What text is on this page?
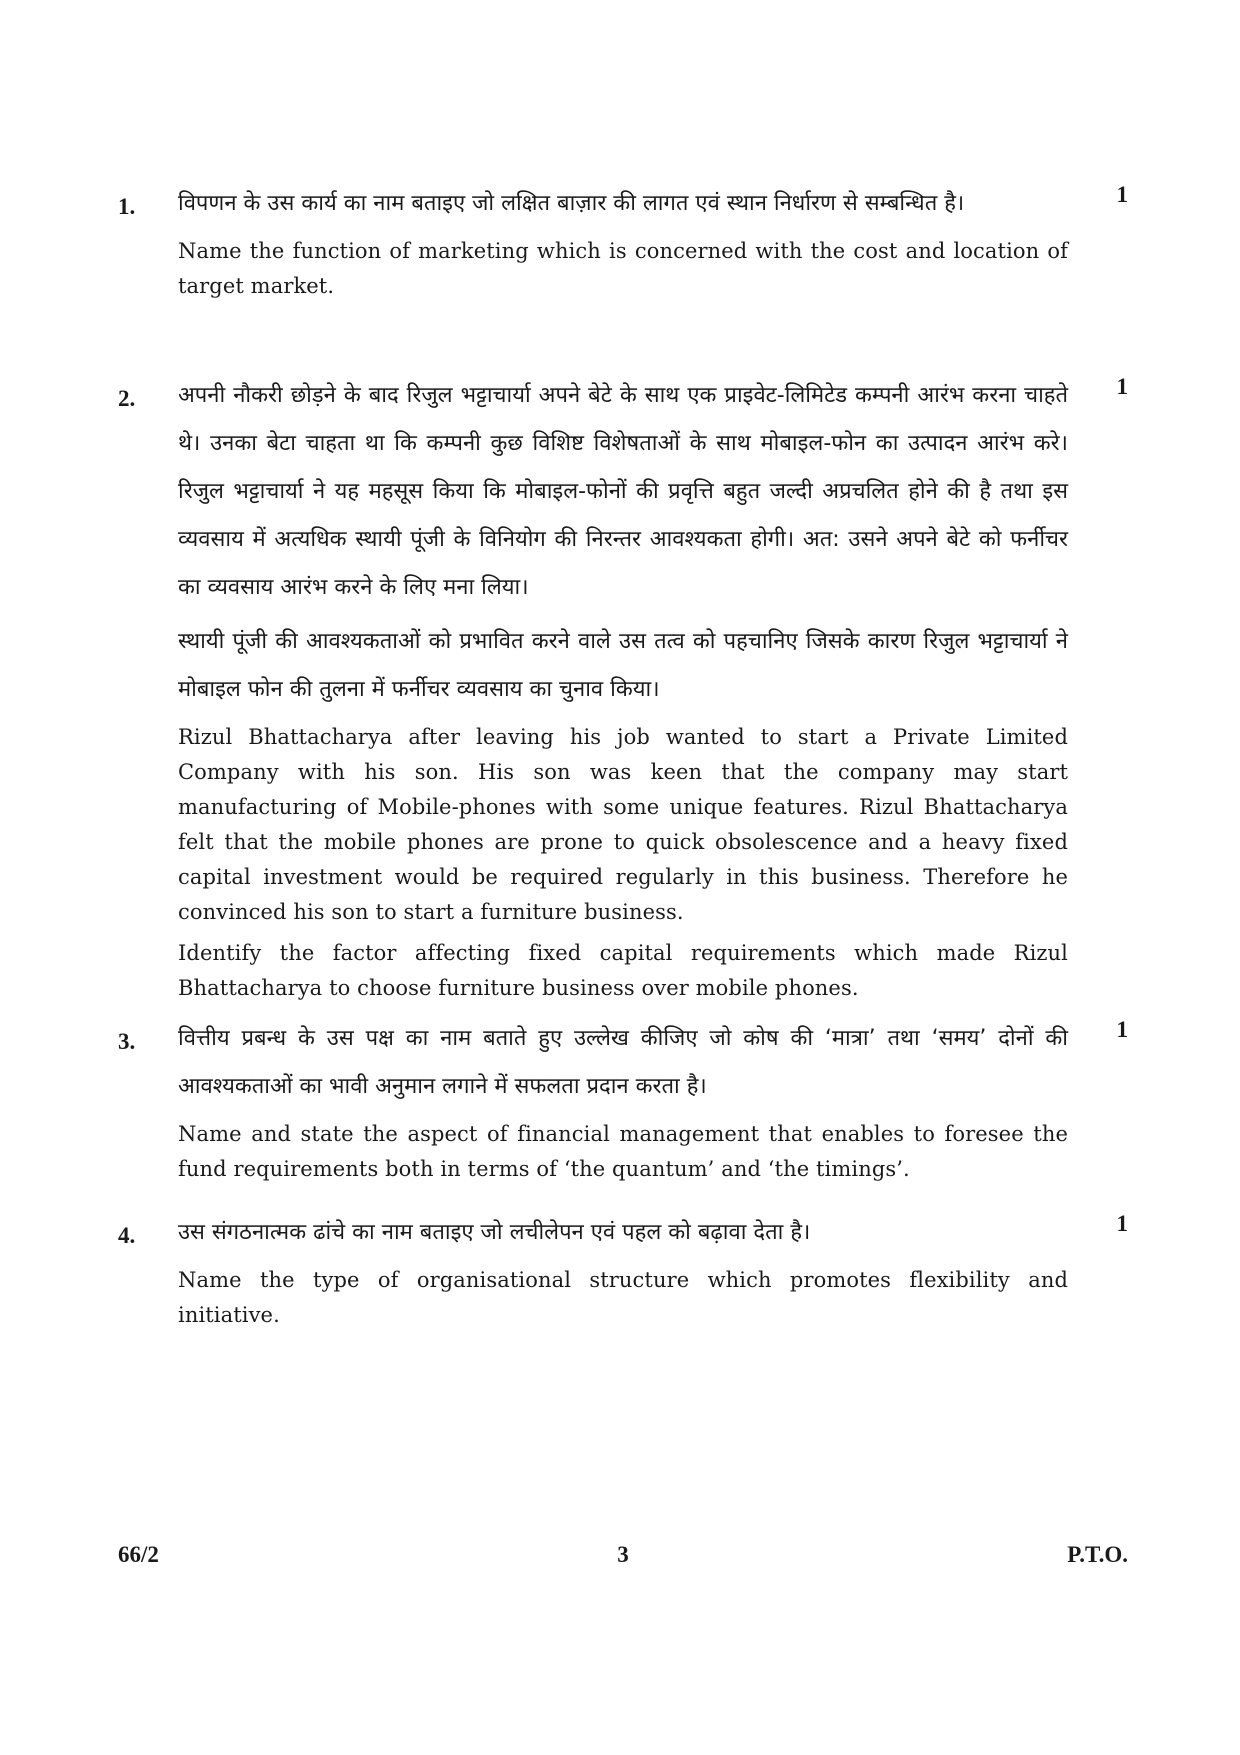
1.	1

विपणन के उस कार्य का नाम बताइए जो लक्षित बाज़ार की लागत एवं स्थान निर्धारण से सम्बन्धित है।

Name the function of marketing which is concerned with the cost and location of target market.

2.	1

अपनी नौकरी छोड़ने के बाद रिजुल भट्टाचार्या अपने बेटे के साथ एक प्राइवेट-लिमिटेड कम्पनी आरंभ करना चाहते थे। उनका बेटा चाहता था कि कम्पनी कुछ विशिष्ट विशेषताओं के साथ मोबाइल-फोन का उत्पादन आरंभ करे। रिजुल भट्टाचार्या ने यह महसूस किया कि मोबाइल-फोनों की प्रवृत्ति बहुत जल्दी अप्रचलित होने की है तथा इस व्यवसाय में अत्यधिक स्थायी पूंजी के विनियोग की निरन्तर आवश्यकता होगी। अत: उसने अपने बेटे को फर्नीचर का व्यवसाय आरंभ करने के लिए मना लिया।

स्थायी पूंजी की आवश्यकताओं को प्रभावित करने वाले उस तत्व को पहचानिए जिसके कारण रिजुल भट्टाचार्या ने मोबाइल फोन की तुलना में फर्नीचर व्यवसाय का चुनाव किया।

Rizul Bhattacharya after leaving his job wanted to start a Private Limited Company with his son. His son was keen that the company may start manufacturing of Mobile-phones with some unique features. Rizul Bhattacharya felt that the mobile phones are prone to quick obsolescence and a heavy fixed capital investment would be required regularly in this business. Therefore he convinced his son to start a furniture business.

Identify the factor affecting fixed capital requirements which made Rizul Bhattacharya to choose furniture business over mobile phones.

3.	1

वित्तीय प्रबन्ध के उस पक्ष का नाम बताते हुए उल्लेख कीजिए जो कोष की ‘मात्रा’ तथा ‘समय’ दोनों की आवश्यकताओं का भावी अनुमान लगाने में सफलता प्रदान करता है।

Name and state the aspect of financial management that enables to foresee the fund requirements both in terms of ‘the quantum’ and ‘the timings’.

4.	1

उस संगठनात्मक ढांचे का नाम बताइए जो लचीलेपन एवं पहल को बढ़ावा देता है।

Name the type of organisational structure which promotes flexibility and initiative.

66/2	3	P.T.O.
